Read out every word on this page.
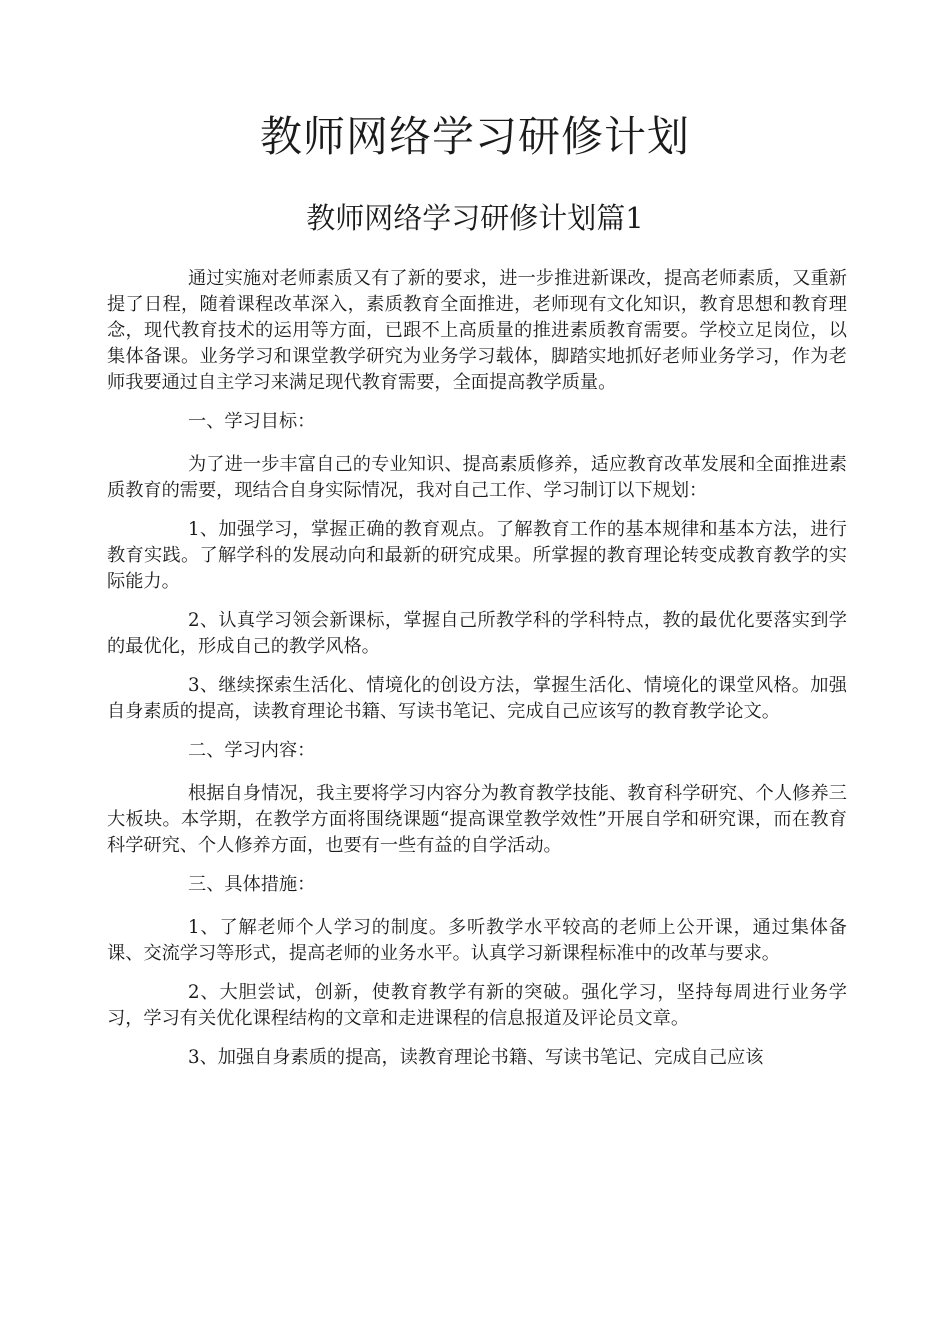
教师网络学习研修计划
教师网络学习研修计划篇1

通过实施对老师素质又有了新的要求，进一步推进新课改，提高老师素质，又重新提了日程，随着课程改革深入，素质教育全面推进，老师现有文化知识，教育思想和教育理念，现代教育技术的运用等方面，已跟不上高质量的推进素质教育需要。学校立足岗位，以集体备课。业务学习和课堂教学研究为业务学习载体，脚踏实地抓好老师业务学习，作为老师我要通过自主学习来满足现代教育需要，全面提高教学质量。

一、学习目标：

为了进一步丰富自己的专业知识、提高素质修养，适应教育改革发展和全面推进素质教育的需要，现结合自身实际情况，我对自己工作、学习制订以下规划：

1、加强学习，掌握正确的教育观点。了解教育工作的基本规律和基本方法，进行教育实践。了解学科的发展动向和最新的研究成果。所掌握的教育理论转变成教育教学的实际能力。

2、认真学习领会新课标，掌握自己所教学科的学科特点，教的最优化要落实到学的最优化，形成自己的教学风格。

3、继续探索生活化、情境化的创设方法，掌握生活化、情境化的课堂风格。加强自身素质的提高，读教育理论书籍、写读书笔记、完成自己应该写的教育教学论文。

二、学习内容：

根据自身情况，我主要将学习内容分为教育教学技能、教育科学研究、个人修养三大板块。本学期，在教学方面将围绕课题“提高课堂教学效性”开展自学和研究课，而在教育科学研究、个人修养方面，也要有一些有益的自学活动。

三、具体措施：

1、了解老师个人学习的制度。多听教学水平较高的老师上公开课，通过集体备课、交流学习等形式，提高老师的业务水平。认真学习新课程标准中的改革与要求。

2、大胆尝试，创新，使教育教学有新的突破。强化学习，坚持每周进行业务学习，学习有关优化课程结构的文章和走进课程的信息报道及评论员文章。

3、加强自身素质的提高，读教育理论书籍、写读书笔记、完成自己应该
